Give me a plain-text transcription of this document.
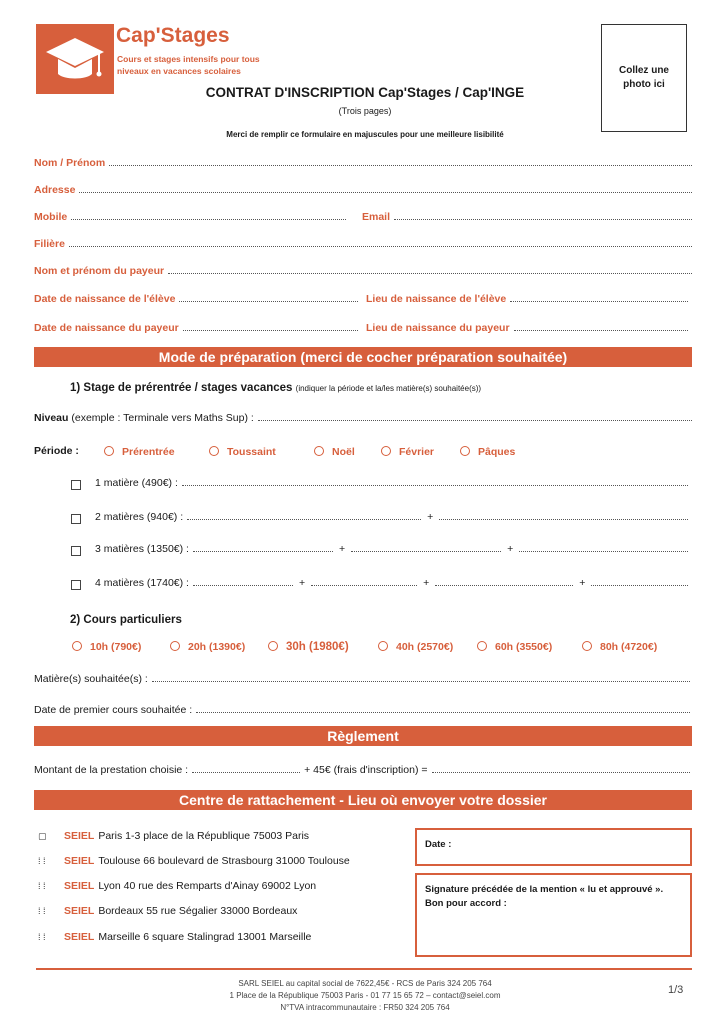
Cap'Stages
Cours et stages intensifs pour tous niveaux en vacances scolaires	Collez une photo ici
CONTRAT D'INSCRIPTION Cap'Stages / Cap'INGE
(Trois pages)
Merci de remplir ce formulaire en majuscules pour une meilleure lisibilité
Nom / Prénom
Adresse
Mobile	Email
Filière
Nom et prénom du payeur
Date de naissance de l'élève	Lieu de naissance de l'élève
Date de naissance du payeur	Lieu de naissance du payeur
Mode de préparation (merci de cocher préparation souhaitée)
1) Stage de prérentrée / stages vacances (indiquer la période et la/les matière(s) souhaitée(s))
Niveau (exemple : Terminale vers Maths Sup) :
Période :	Prérentrée	Toussaint	Noël	Février	Pâques
1 matière (490€) :
2 matières (940€) :	+
3 matières (1350€) :	+	+
4 matières (1740€) :	+	+	+
2) Cours particuliers
10h (790€)	20h (1390€)	30h (1980€)	40h (2570€)	60h (3550€)	80h (4720€)
Matière(s) souhaitée(s) :
Date de premier cours souhaitée :
Règlement
Montant de la prestation choisie :	+ 45€ (frais d'inscription) =
Centre de rattachement - Lieu où envoyer votre dossier
▢ SEIEL Paris 1-3 place de la République 75003 Paris
⁞ ⁞ SEIEL Toulouse 66 boulevard de Strasbourg 31000 Toulouse
⁞ ⁞ SEIEL Lyon 40 rue des Remparts d'Ainay 69002 Lyon
⁞ ⁞ SEIEL Bordeaux 55 rue Ségalier 33000 Bordeaux
⁞ ⁞ SEIEL Marseille 6 square Stalingrad 13001 Marseille
Date :
Signature précédée de la mention « lu et approuvé ». Bon pour accord :
SARL SEIEL au capital social de 7622,45€ - RCS de Paris 324 205 764
1 Place de la République 75003 Paris - 01 77 15 65 72 – contact@seiel.com
N°TVA intracommunautaire : FR50 324 205 764
1/3
